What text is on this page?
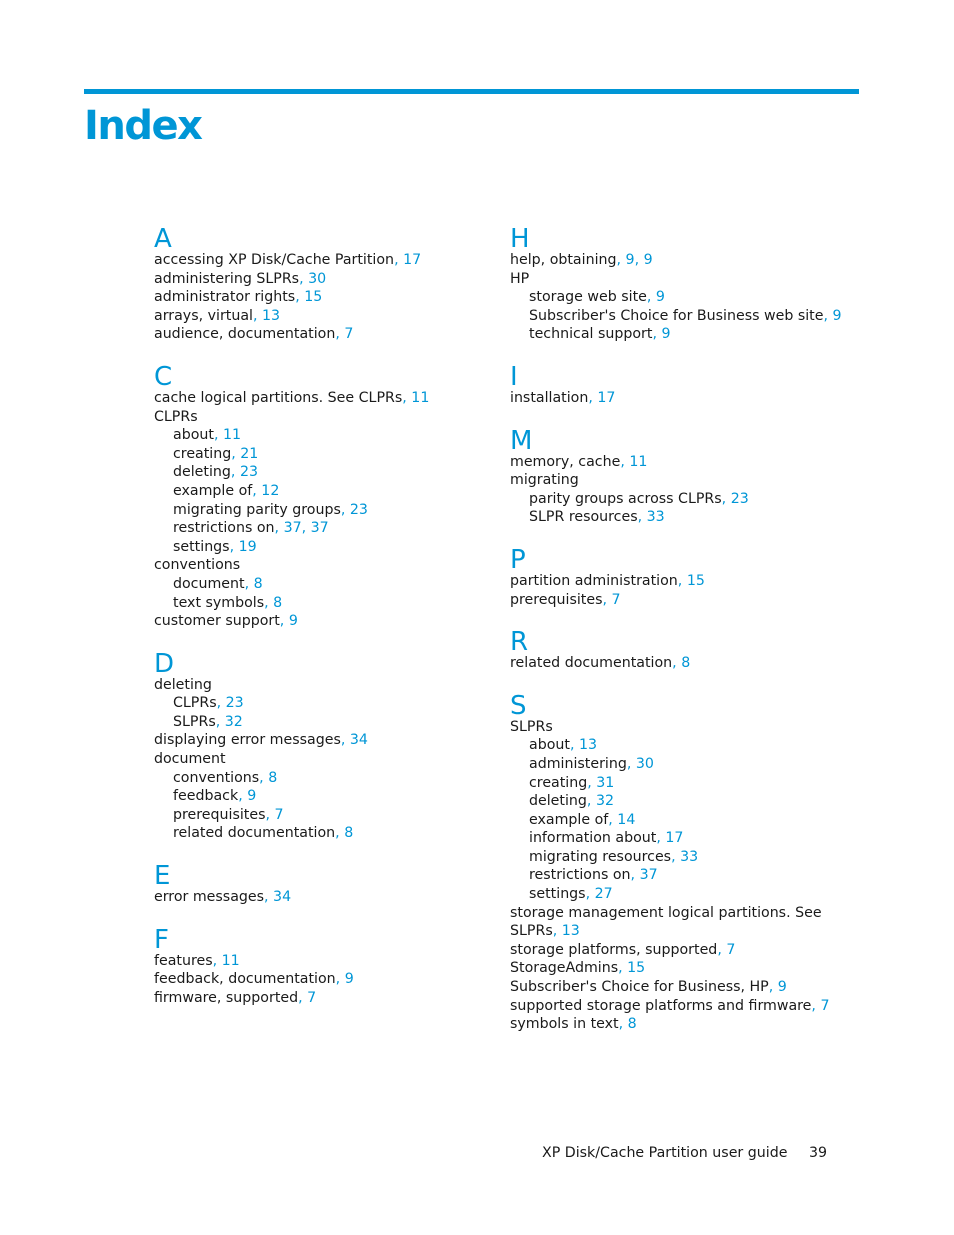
Index
A
accessing XP Disk/Cache Partition, 17
administering SLPRs, 30
administrator rights, 15
arrays, virtual, 13
audience, documentation, 7
C
cache logical partitions. See CLPRs, 11
CLPRs
about, 11
creating, 21
deleting, 23
example of, 12
migrating parity groups, 23
restrictions on, 37, 37
settings, 19
conventions
document, 8
text symbols, 8
customer support, 9
D
deleting
CLPRs, 23
SLPRs, 32
displaying error messages, 34
document
conventions, 8
feedback, 9
prerequisites, 7
related documentation, 8
E
error messages, 34
F
features, 11
feedback, documentation, 9
firmware, supported, 7
H
help, obtaining, 9, 9
HP
storage web site, 9
Subscriber's Choice for Business web site, 9
technical support, 9
I
installation, 17
M
memory, cache, 11
migrating
parity groups across CLPRs, 23
SLPR resources, 33
P
partition administration, 15
prerequisites, 7
R
related documentation, 8
S
SLPRs
about, 13
administering, 30
creating, 31
deleting, 32
example of, 14
information about, 17
migrating resources, 33
restrictions on, 37
settings, 27
storage management logical partitions. See SLPRs, 13
storage platforms, supported, 7
StorageAdmins, 15
Subscriber's Choice for Business, HP, 9
supported storage platforms and firmware, 7
symbols in text, 8
XP Disk/Cache Partition user guide 39
